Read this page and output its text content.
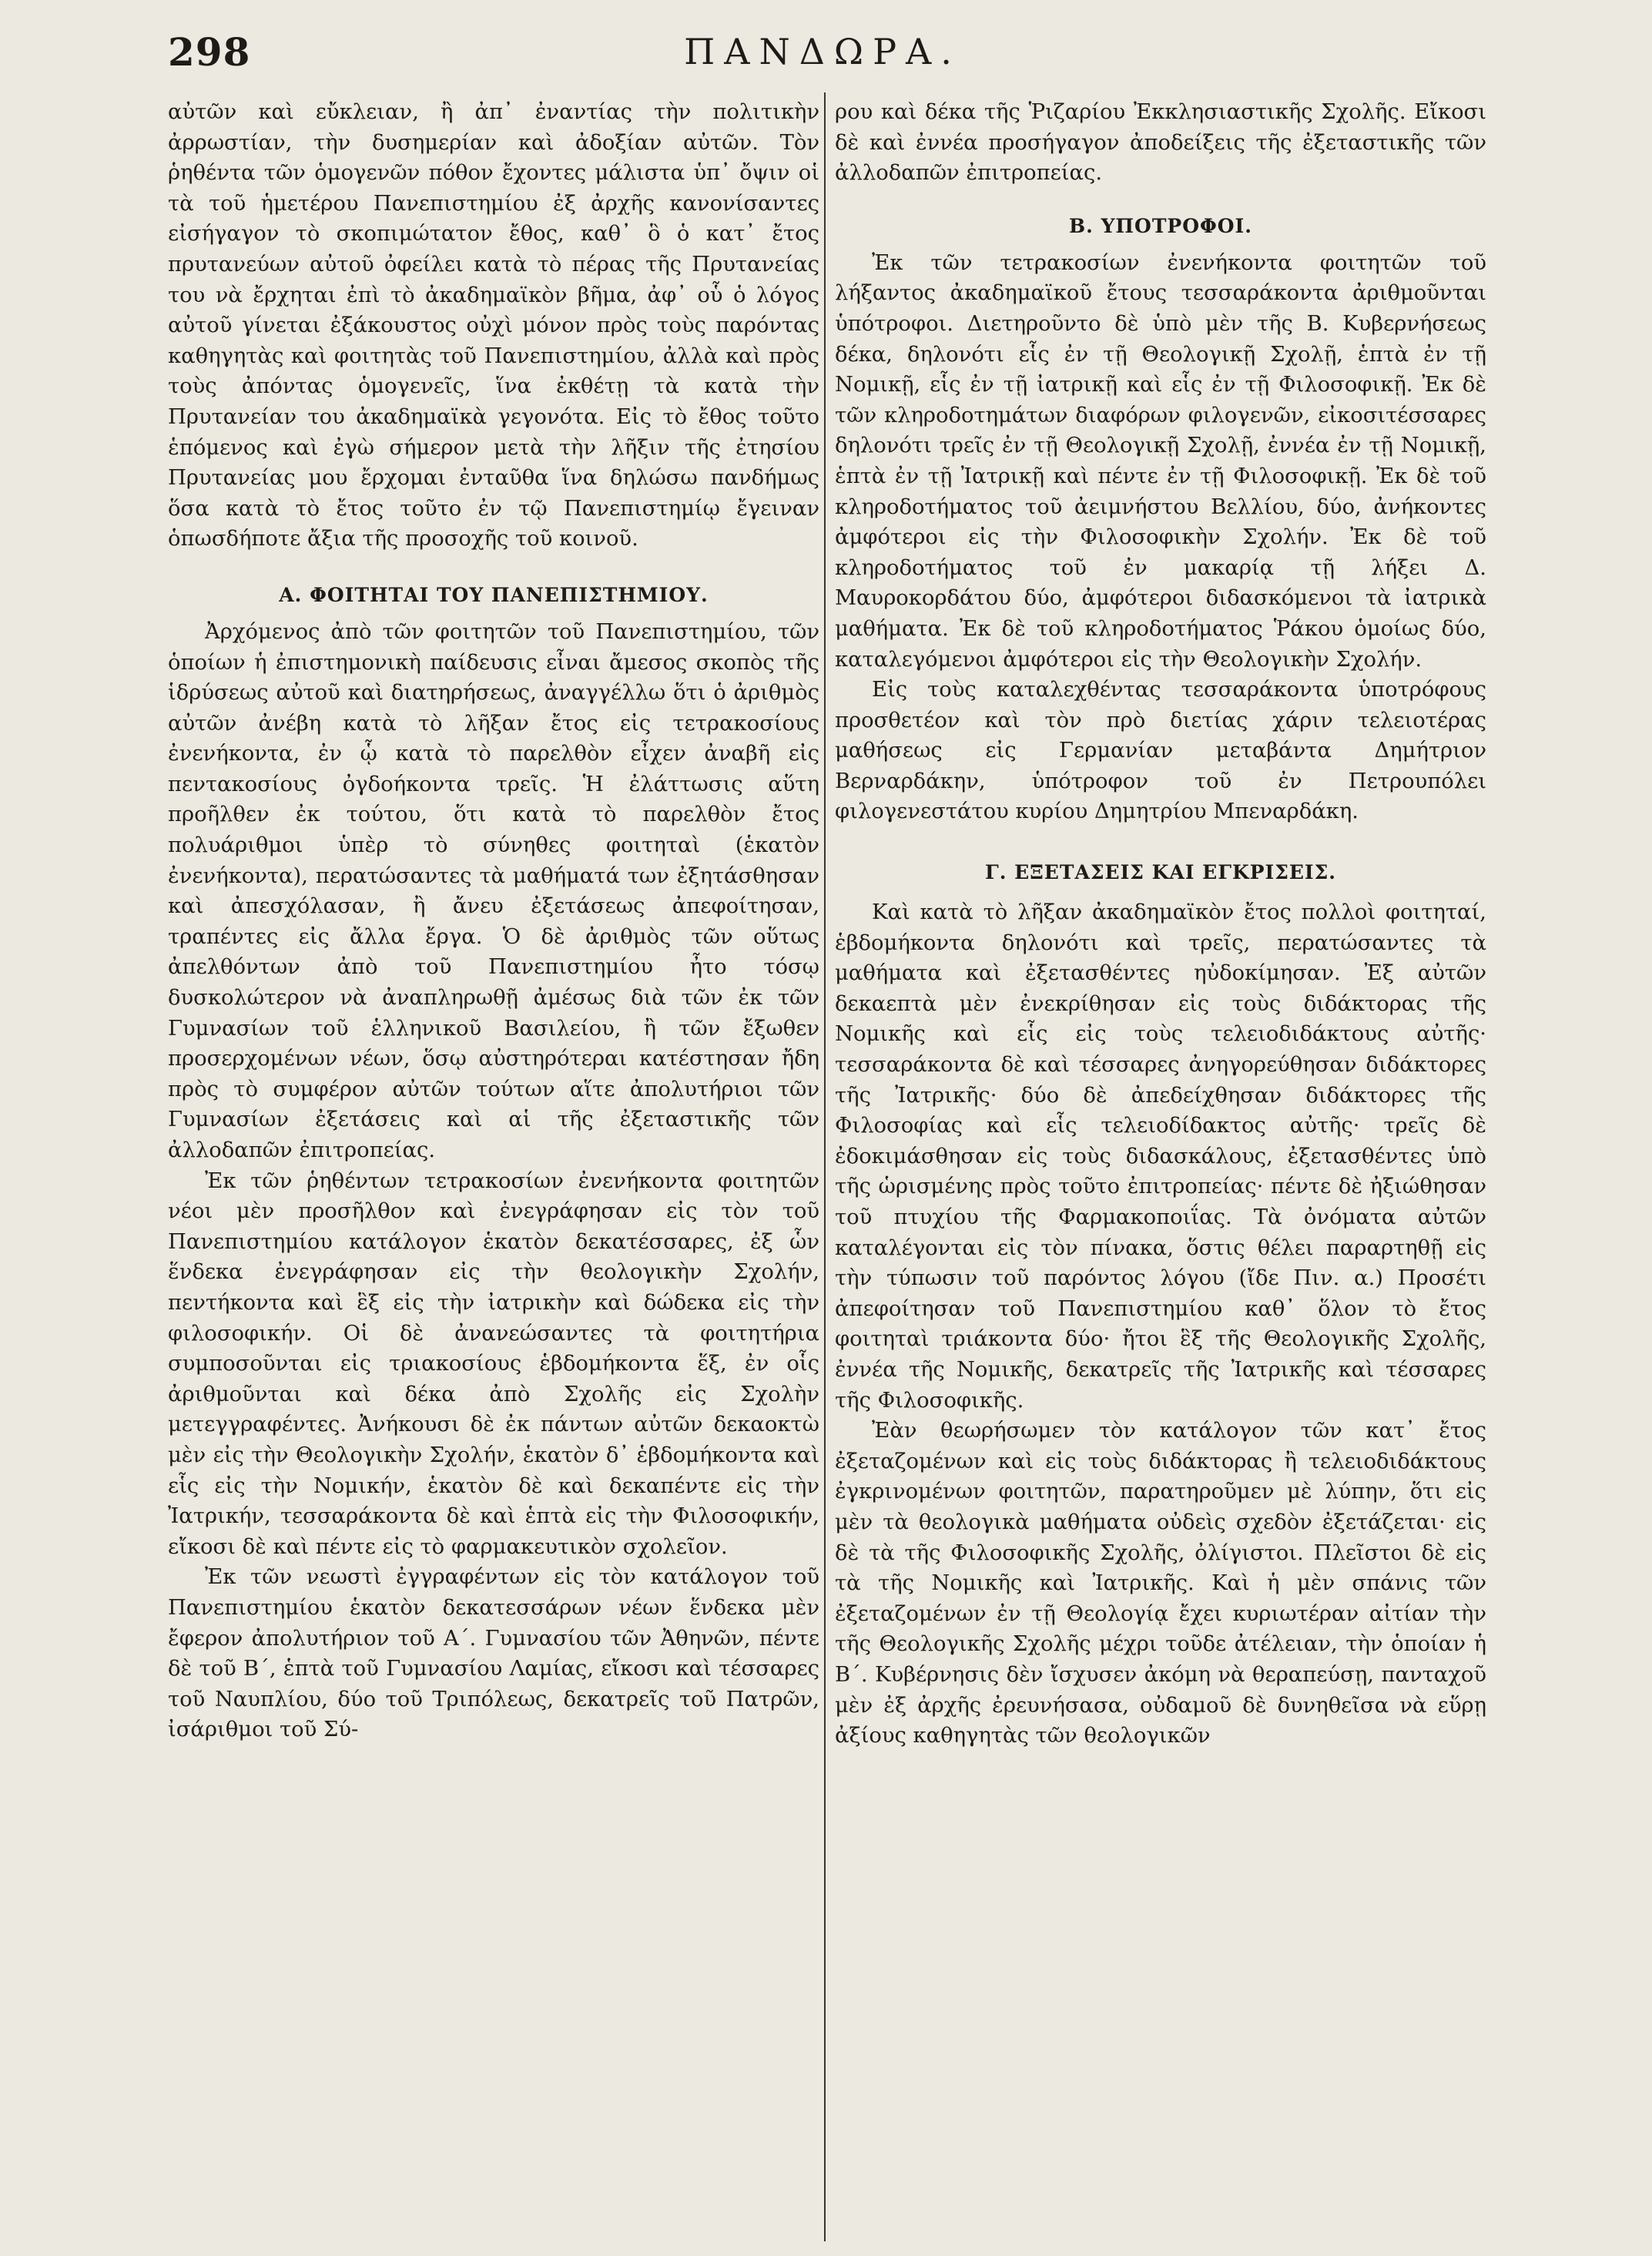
298	ΠΑΝΔΩΡΑ.

αὐτῶν καὶ εὔκλειαν, ἢ ἀπ᾽ ἐναντίας τὴν πολιτικὴν ἀρρωστίαν, τὴν δυσημερίαν καὶ ἀδοξίαν αὐτῶν. Τὸν ῥηθέντα τῶν ὁμογενῶν πόθον ἔχοντες μάλιστα ὑπ᾽ ὄψιν οἱ τὰ τοῦ ἡμετέρου Πανεπιστημίου ἐξ ἀρχῆς κανονίσαντες εἰσήγαγον τὸ σκοπιμώτατον ἔθος, καθ᾽ ὃ ὁ κατ᾽ ἔτος πρυτανεύων αὐτοῦ ὀφείλει κατὰ τὸ πέρας τῆς Πρυτανείας του νὰ ἔρχηται ἐπὶ τὸ ἀκαδημαϊκὸν βῆμα, ἀφ᾽ οὗ ὁ λόγος αὐτοῦ γίνεται ἐξάκουστος οὐχὶ μόνον πρὸς τοὺς παρόντας καθηγητὰς καὶ φοιτητὰς τοῦ Πανεπιστημίου, ἀλλὰ καὶ πρὸς τοὺς ἀπόντας ὁμογενεῖς, ἵνα ἐκθέτῃ τὰ κατὰ τὴν Πρυτανείαν του ἀκαδημαϊκὰ γεγονότα. Εἰς τὸ ἔθος τοῦτο ἑπόμενος καὶ ἐγὼ σήμερον μετὰ τὴν λῆξιν τῆς ἐτησίου Πρυτανείας μου ἔρχομαι ἐνταῦθα ἵνα δηλώσω πανδήμως ὅσα κατὰ τὸ ἔτος τοῦτο ἐν τῷ Πανεπιστημίῳ ἔγειναν ὁπωσδήποτε ἄξια τῆς προσοχῆς τοῦ κοινοῦ.

Α. ΦΟΙΤΗΤΑΙ ΤΟΥ ΠΑΝΕΠΙΣΤΗΜΙΟΥ.

Ἀρχόμενος ἀπὸ τῶν φοιτητῶν τοῦ Πανεπιστημίου, τῶν ὁποίων ἡ ἐπιστημονικὴ παίδευσις εἶναι ἄμεσος σκοπὸς τῆς ἱδρύσεως αὐτοῦ καὶ διατηρήσεως, ἀναγγέλλω ὅτι ὁ ἀριθμὸς αὐτῶν ἀνέβη κατὰ τὸ λῆξαν ἔτος εἰς τετρακοσίους ἐνενήκοντα, ἐν ᾧ κατὰ τὸ παρελθὸν εἶχεν ἀναβῆ εἰς πεντακοσίους ὀγδοήκοντα τρεῖς. Ἡ ἐλάττωσις αὕτη προῆλθεν ἐκ τούτου, ὅτι κατὰ τὸ παρελθὸν ἔτος πολυάριθμοι ὑπὲρ τὸ σύνηθες φοιτηταὶ (ἑκατὸν ἐνενήκοντα), περατώσαντες τὰ μαθήματά των ἐξητάσθησαν καὶ ἀπεσχόλασαν, ἢ ἄνευ ἐξετάσεως ἀπεφοίτησαν, τραπέντες εἰς ἄλλα ἔργα. Ὁ δὲ ἀριθμὸς τῶν οὕτως ἀπελθόντων ἀπὸ τοῦ Πανεπιστημίου ἦτο τόσῳ δυσκολώτερον νὰ ἀναπληρωθῇ ἀμέσως διὰ τῶν ἐκ τῶν Γυμνασίων τοῦ ἑλληνικοῦ Βασιλείου, ἢ τῶν ἔξωθεν προσερχομένων νέων, ὅσῳ αὐστηρότεραι κατέστησαν ἤδη πρὸς τὸ συμφέρον αὐτῶν τούτων αἵτε ἀπολυτήριοι τῶν Γυμνασίων ἐξετάσεις καὶ αἱ τῆς ἐξεταστικῆς τῶν ἀλλοδαπῶν ἐπιτροπείας.

Ἐκ τῶν ῥηθέντων τετρακοσίων ἐνενήκοντα φοιτητῶν νέοι μὲν προσῆλθον καὶ ἐνεγράφησαν εἰς τὸν τοῦ Πανεπιστημίου κατάλογον ἑκατὸν δεκατέσσαρες, ἐξ ὧν ἕνδεκα ἐνεγράφησαν εἰς τὴν θεολογικὴν Σχολήν, πεντήκοντα καὶ ἓξ εἰς τὴν ἰατρικὴν καὶ δώδεκα εἰς τὴν φιλοσοφικήν. Οἱ δὲ ἀνανεώσαντες τὰ φοιτητήρια συμποσοῦνται εἰς τριακοσίους ἑβδομήκοντα ἕξ, ἐν οἷς ἀριθμοῦνται καὶ δέκα ἀπὸ Σχολῆς εἰς Σχολὴν μετεγγραφέντες. Ἀνήκουσι δὲ ἐκ πάντων αὐτῶν δεκαοκτὼ μὲν εἰς τὴν Θεολογικὴν Σχολήν, ἑκατὸν δ᾽ ἑβδομήκοντα καὶ εἷς εἰς τὴν Νομικήν, ἑκατὸν δὲ καὶ δεκαπέντε εἰς τὴν Ἰατρικήν, τεσσαράκοντα δὲ καὶ ἑπτὰ εἰς τὴν Φιλοσοφικήν, εἴκοσι δὲ καὶ πέντε εἰς τὸ φαρμακευτικὸν σχολεῖον.

Ἐκ τῶν νεωστὶ ἐγγραφέντων εἰς τὸν κατάλογον τοῦ Πανεπιστημίου ἑκατὸν δεκατεσσάρων νέων ἕνδεκα μὲν ἔφερον ἀπολυτήριον τοῦ Α΄. Γυμνασίου τῶν Ἀθηνῶν, πέντε δὲ τοῦ Β΄, ἑπτὰ τοῦ Γυμνασίου Λαμίας, εἴκοσι καὶ τέσσαρες τοῦ Ναυπλίου, δύο τοῦ Τριπόλεως, δεκατρεῖς τοῦ Πατρῶν, ἰσάριθμοι τοῦ Σύ-

ρου καὶ δέκα τῆς Ῥιζαρίου Ἐκκλησιαστικῆς Σχολῆς. Εἴκοσι δὲ καὶ ἐννέα προσήγαγον ἀποδείξεις τῆς ἐξεταστικῆς τῶν ἀλλοδαπῶν ἐπιτροπείας.

Β. ΥΠΟΤΡΟΦΟΙ.

Ἐκ τῶν τετρακοσίων ἐνενήκοντα φοιτητῶν τοῦ λήξαντος ἀκαδημαϊκοῦ ἔτους τεσσαράκοντα ἀριθμοῦνται ὑπότροφοι. Διετηροῦντο δὲ ὑπὸ μὲν τῆς Β. Κυβερνήσεως δέκα, δηλονότι εἷς ἐν τῇ Θεολογικῇ Σχολῇ, ἑπτὰ ἐν τῇ Νομικῇ, εἷς ἐν τῇ ἰατρικῇ καὶ εἷς ἐν τῇ Φιλοσοφικῇ. Ἐκ δὲ τῶν κληροδοτημάτων διαφόρων φιλογενῶν, εἰκοσιτέσσαρες δηλονότι τρεῖς ἐν τῇ Θεολογικῇ Σχολῇ, ἐννέα ἐν τῇ Νομικῇ, ἑπτὰ ἐν τῇ Ἰατρικῇ καὶ πέντε ἐν τῇ Φιλοσοφικῇ. Ἐκ δὲ τοῦ κληροδοτήματος τοῦ ἀειμνήστου Βελλίου, δύο, ἀνήκοντες ἀμφότεροι εἰς τὴν Φιλοσοφικὴν Σχολήν. Ἐκ δὲ τοῦ κληροδοτήματος τοῦ ἐν μακαρίᾳ τῇ λήξει Δ. Μαυροκορδάτου δύο, ἀμφότεροι διδασκόμενοι τὰ ἰατρικὰ μαθήματα. Ἐκ δὲ τοῦ κληροδοτήματος Ῥάκου ὁμοίως δύο, καταλεγόμενοι ἀμφότεροι εἰς τὴν Θεολογικὴν Σχολήν.

Εἰς τοὺς καταλεχθέντας τεσσαράκοντα ὑποτρόφους προσθετέον καὶ τὸν πρὸ διετίας χάριν τελειοτέρας μαθήσεως εἰς Γερμανίαν μεταβάντα Δημήτριον Βερναρδάκην, ὑπότροφον τοῦ ἐν Πετρουπόλει φιλογενεστάτου κυρίου Δημητρίου Μπεναρδάκη.

Γ. ΕΞΕΤΑΣΕΙΣ ΚΑΙ ΕΓΚΡΙΣΕΙΣ.

Καὶ κατὰ τὸ λῆξαν ἀκαδημαϊκὸν ἔτος πολλοὶ φοιτηταί, ἑβδομήκοντα δηλονότι καὶ τρεῖς, περατώσαντες τὰ μαθήματα καὶ ἐξετασθέντες ηὐδοκίμησαν. Ἐξ αὐτῶν δεκαεπτὰ μὲν ἐνεκρίθησαν εἰς τοὺς διδάκτορας τῆς Νομικῆς καὶ εἷς εἰς τοὺς τελειοδιδάκτους αὐτῆς· τεσσαράκοντα δὲ καὶ τέσσαρες ἀνηγορεύθησαν διδάκτορες τῆς Ἰατρικῆς· δύο δὲ ἀπεδείχθησαν διδάκτορες τῆς Φιλοσοφίας καὶ εἷς τελειοδίδακτος αὐτῆς· τρεῖς δὲ ἐδοκιμάσθησαν εἰς τοὺς διδασκάλους, ἐξετασθέντες ὑπὸ τῆς ὡρισμένης πρὸς τοῦτο ἐπιτροπείας· πέντε δὲ ἠξιώθησαν τοῦ πτυχίου τῆς Φαρμακοποιΐας. Τὰ ὀνόματα αὐτῶν καταλέγονται εἰς τὸν πίνακα, ὅστις θέλει παραρτηθῇ εἰς τὴν τύπωσιν τοῦ παρόντος λόγου (ἴδε Πιν. α.) Προσέτι ἀπεφοίτησαν τοῦ Πανεπιστημίου καθ᾽ ὅλον τὸ ἔτος φοιτηταὶ τριάκοντα δύο· ἤτοι ἓξ τῆς Θεολογικῆς Σχολῆς, ἐννέα τῆς Νομικῆς, δεκατρεῖς τῆς Ἰατρικῆς καὶ τέσσαρες τῆς Φιλοσοφικῆς.

Ἐὰν θεωρήσωμεν τὸν κατάλογον τῶν κατ᾽ ἔτος ἐξεταζομένων καὶ εἰς τοὺς διδάκτορας ἢ τελειοδιδάκτους ἐγκρινομένων φοιτητῶν, παρατηροῦμεν μὲ λύπην, ὅτι εἰς μὲν τὰ θεολογικὰ μαθήματα οὐδεὶς σχεδὸν ἐξετάζεται· εἰς δὲ τὰ τῆς Φιλοσοφικῆς Σχολῆς, ὀλίγιστοι. Πλεῖστοι δὲ εἰς τὰ τῆς Νομικῆς καὶ Ἰατρικῆς. Καὶ ἡ μὲν σπάνις τῶν ἐξεταζομένων ἐν τῇ Θεολογίᾳ ἔχει κυριωτέραν αἰτίαν τὴν τῆς Θεολογικῆς Σχολῆς μέχρι τοῦδε ἀτέλειαν, τὴν ὁποίαν ἡ Β΄. Κυβέρνησις δὲν ἴσχυσεν ἀκόμη νὰ θεραπεύσῃ, πανταχοῦ μὲν ἐξ ἀρχῆς ἐρευνήσασα, οὐδαμοῦ δὲ δυνηθεῖσα νὰ εὕρῃ ἀξίους καθηγητὰς τῶν θεολογικῶν
